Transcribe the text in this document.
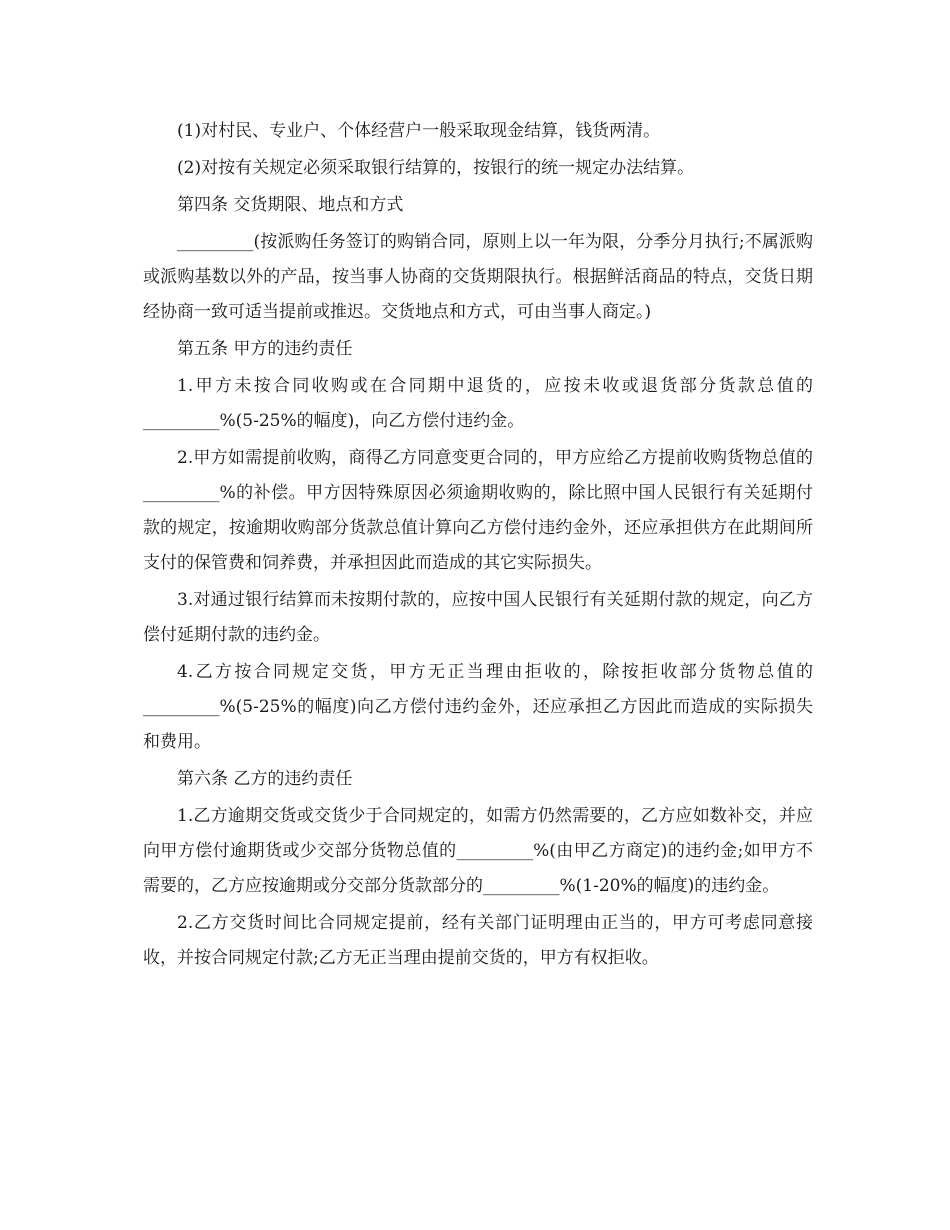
(1)对村民、专业户、个体经营户一般采取现金结算，钱货两清。

(2)对按有关规定必须采取银行结算的，按银行的统一规定办法结算。

第四条 交货期限、地点和方式

_________(按派购任务签订的购销合同，原则上以一年为限，分季分月执行;不属派购或派购基数以外的产品，按当事人协商的交货期限执行。根据鲜活商品的特点，交货日期经协商一致可适当提前或推迟。交货地点和方式，可由当事人商定。)

第五条 甲方的违约责任

1.甲方未按合同收购或在合同期中退货的，应按未收或退货部分货款总值的_________%(5-25%的幅度)，向乙方偿付违约金。

2.甲方如需提前收购，商得乙方同意变更合同的，甲方应给乙方提前收购货物总值的_________%的补偿。甲方因特殊原因必须逾期收购的，除比照中国人民银行有关延期付款的规定，按逾期收购部分货款总值计算向乙方偿付违约金外，还应承担供方在此期间所支付的保管费和饲养费，并承担因此而造成的其它实际损失。

3.对通过银行结算而未按期付款的，应按中国人民银行有关延期付款的规定，向乙方偿付延期付款的违约金。

4.乙方按合同规定交货，甲方无正当理由拒收的，除按拒收部分货物总值的_________%(5-25%的幅度)向乙方偿付违约金外，还应承担乙方因此而造成的实际损失和费用。

第六条 乙方的违约责任

1.乙方逾期交货或交货少于合同规定的，如需方仍然需要的，乙方应如数补交，并应向甲方偿付逾期货或少交部分货物总值的_________%(由甲乙方商定)的违约金;如甲方不需要的，乙方应按逾期或分交部分货款部分的_________%(1-20%的幅度)的违约金。

2.乙方交货时间比合同规定提前，经有关部门证明理由正当的，甲方可考虑同意接收，并按合同规定付款;乙方无正当理由提前交货的，甲方有权拒收。
